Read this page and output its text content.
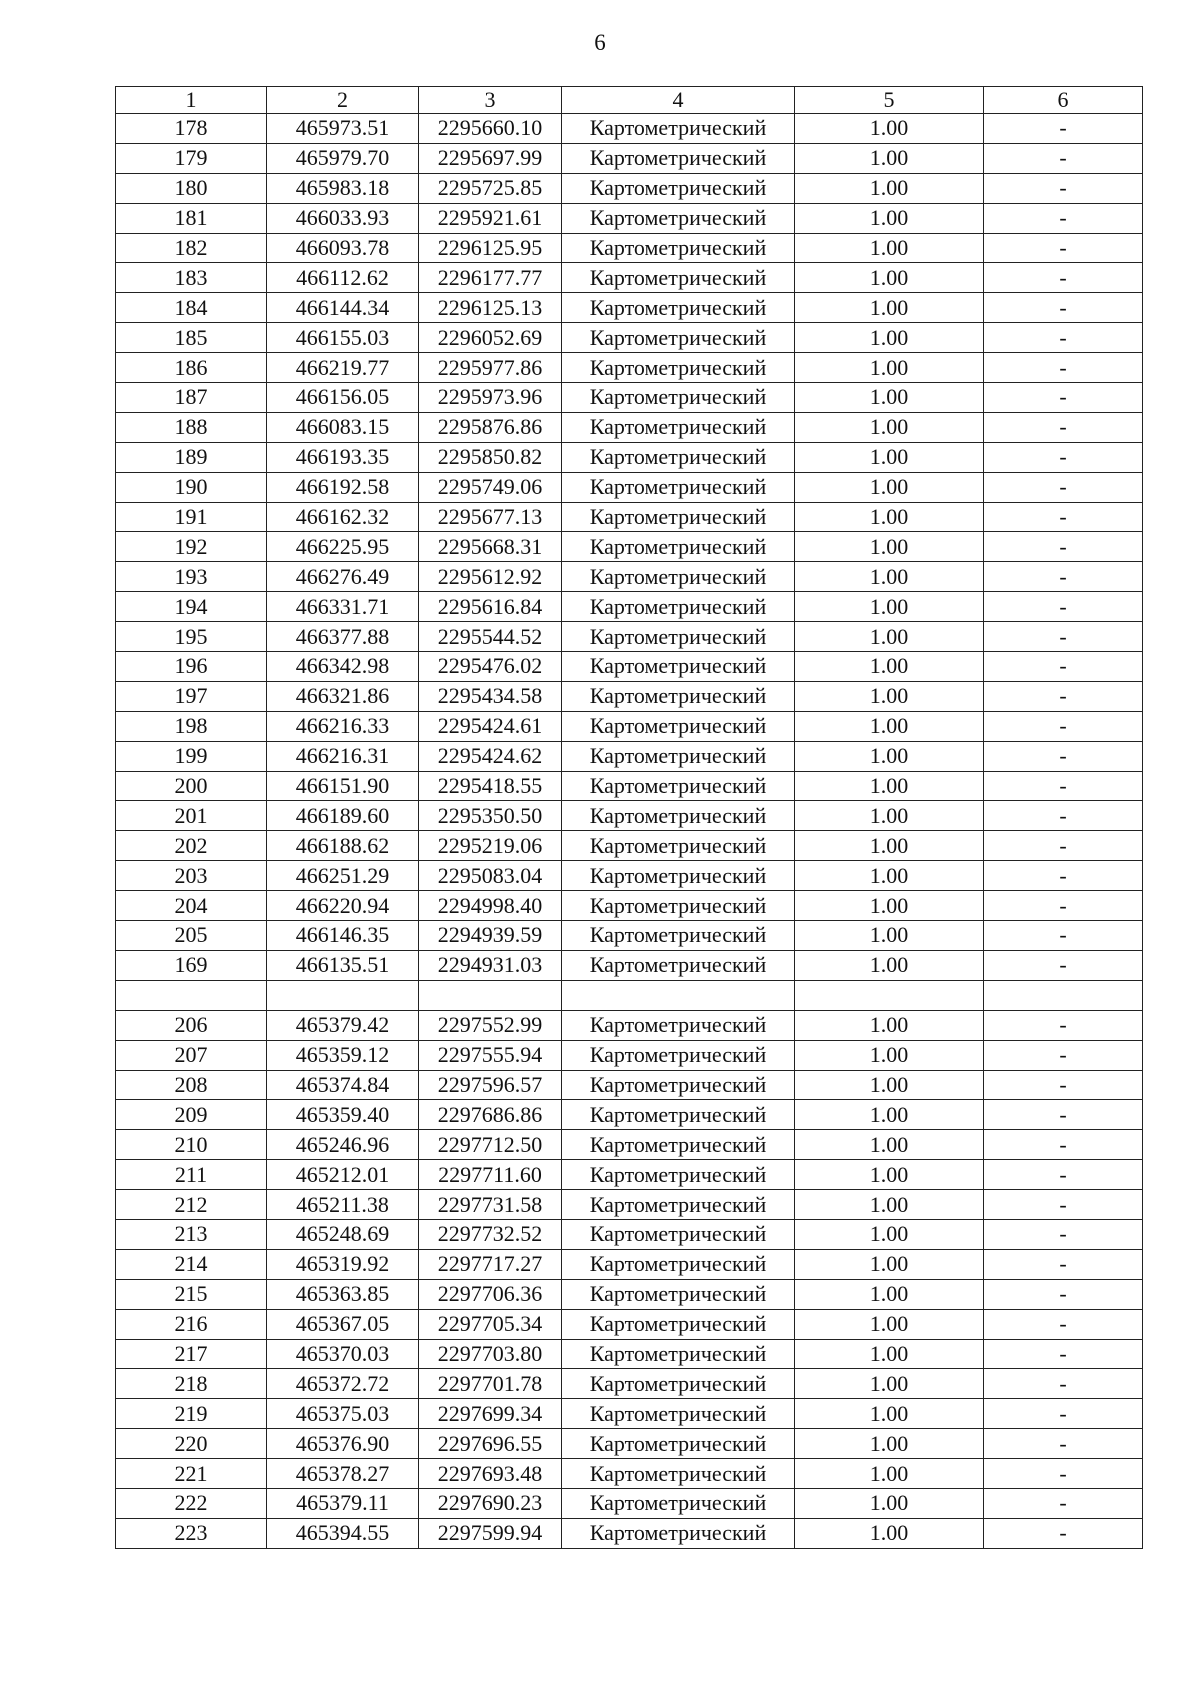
6
1	2	3	4	5	6
178	465973.51	2295660.10	Картометрический	1.00	-
179	465979.70	2295697.99	Картометрический	1.00	-
180	465983.18	2295725.85	Картометрический	1.00	-
181	466033.93	2295921.61	Картометрический	1.00	-
182	466093.78	2296125.95	Картометрический	1.00	-
183	466112.62	2296177.77	Картометрический	1.00	-
184	466144.34	2296125.13	Картометрический	1.00	-
185	466155.03	2296052.69	Картометрический	1.00	-
186	466219.77	2295977.86	Картометрический	1.00	-
187	466156.05	2295973.96	Картометрический	1.00	-
188	466083.15	2295876.86	Картометрический	1.00	-
189	466193.35	2295850.82	Картометрический	1.00	-
190	466192.58	2295749.06	Картометрический	1.00	-
191	466162.32	2295677.13	Картометрический	1.00	-
192	466225.95	2295668.31	Картометрический	1.00	-
193	466276.49	2295612.92	Картометрический	1.00	-
194	466331.71	2295616.84	Картометрический	1.00	-
195	466377.88	2295544.52	Картометрический	1.00	-
196	466342.98	2295476.02	Картометрический	1.00	-
197	466321.86	2295434.58	Картометрический	1.00	-
198	466216.33	2295424.61	Картометрический	1.00	-
199	466216.31	2295424.62	Картометрический	1.00	-
200	466151.90	2295418.55	Картометрический	1.00	-
201	466189.60	2295350.50	Картометрический	1.00	-
202	466188.62	2295219.06	Картометрический	1.00	-
203	466251.29	2295083.04	Картометрический	1.00	-
204	466220.94	2294998.40	Картометрический	1.00	-
205	466146.35	2294939.59	Картометрический	1.00	-
169	466135.51	2294931.03	Картометрический	1.00	-

206	465379.42	2297552.99	Картометрический	1.00	-
207	465359.12	2297555.94	Картометрический	1.00	-
208	465374.84	2297596.57	Картометрический	1.00	-
209	465359.40	2297686.86	Картометрический	1.00	-
210	465246.96	2297712.50	Картометрический	1.00	-
211	465212.01	2297711.60	Картометрический	1.00	-
212	465211.38	2297731.58	Картометрический	1.00	-
213	465248.69	2297732.52	Картометрический	1.00	-
214	465319.92	2297717.27	Картометрический	1.00	-
215	465363.85	2297706.36	Картометрический	1.00	-
216	465367.05	2297705.34	Картометрический	1.00	-
217	465370.03	2297703.80	Картометрический	1.00	-
218	465372.72	2297701.78	Картометрический	1.00	-
219	465375.03	2297699.34	Картометрический	1.00	-
220	465376.90	2297696.55	Картометрический	1.00	-
221	465378.27	2297693.48	Картометрический	1.00	-
222	465379.11	2297690.23	Картометрический	1.00	-
223	465394.55	2297599.94	Картометрический	1.00	-
